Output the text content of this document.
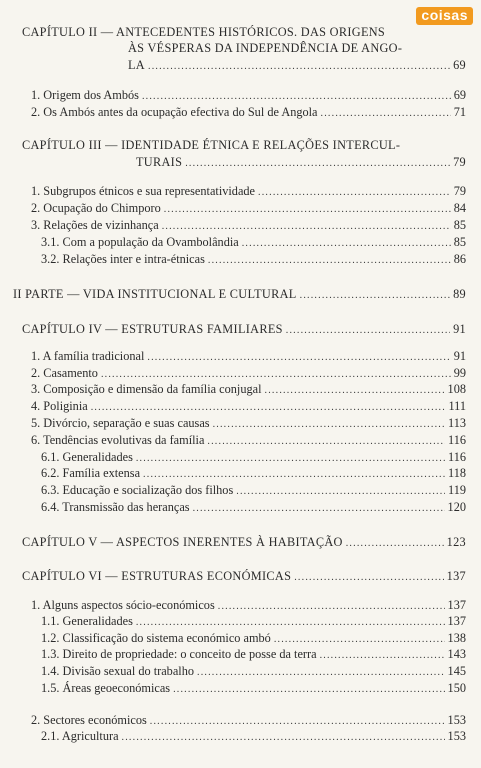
coisas
CAPÍTULO II — ANTECEDENTES HISTÓRICOS. DAS ORIGENS
ÀS VÉSPERAS DA INDEPENDÊNCIA DE ANGO-
LA .....	69
1. Origem dos Ambós .....	69
2. Os Ambós antes da ocupação efectiva do Sul de Angola .....	71
CAPÍTULO III — IDENTIDADE ÉTNICA E RELAÇÕES INTERCUL-
TURAIS .....	79
1. Subgrupos étnicos e sua representatividade .....	79
2. Ocupação do Chimporo .....	84
3. Relações de vizinhança .....	85
3.1. Com a população da Ovambolândia .....	85
3.2. Relações inter e intra-étnicas .....	86
II PARTE — VIDA INSTITUCIONAL E CULTURAL .....	89
CAPÍTULO IV — ESTRUTURAS FAMILIARES .....	91
1. A família tradicional .....	91
2. Casamento .....	99
3. Composição e dimensão da família conjugal .....	108
4. Poliginia .....	111
5. Divórcio, separação e suas causas .....	113
6. Tendências evolutivas da família .....	116
6.1. Generalidades .....	116
6.2. Família extensa .....	118
6.3. Educação e socialização dos filhos .....	119
6.4. Transmissão das heranças .....	120
CAPÍTULO V — ASPECTOS INERENTES À HABITAÇÃO .....	123
CAPÍTULO VI — ESTRUTURAS ECONÓMICAS .....	137
1. Alguns aspectos sócio-económicos .....	137
1.1. Generalidades .....	137
1.2. Classificação do sistema económico ambó .....	138
1.3. Direito de propriedade: o conceito de posse da terra .....	143
1.4. Divisão sexual do trabalho .....	145
1.5. Áreas geoeconómicas .....	150
2. Sectores económicos .....	153
2.1. Agricultura .....	153
